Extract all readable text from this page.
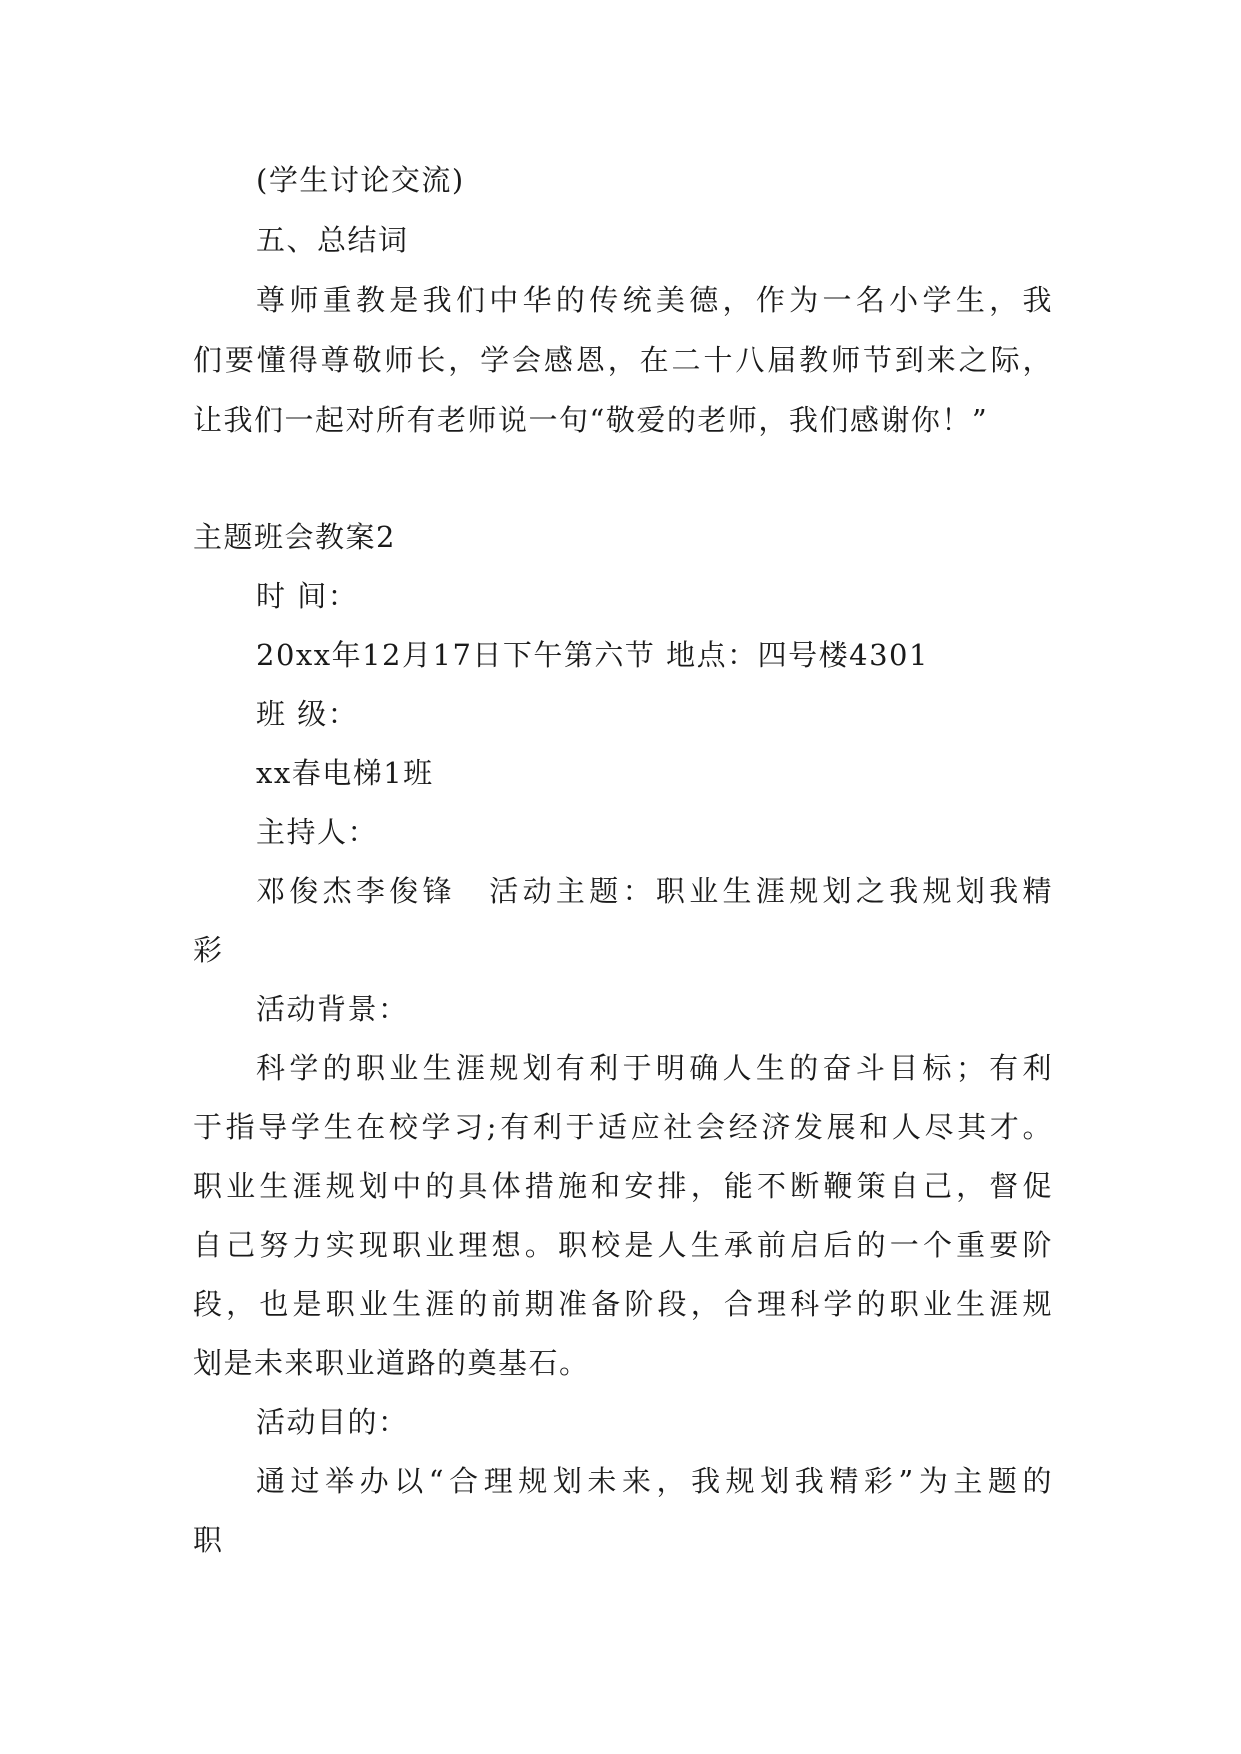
(学生讨论交流)
五、总结词
尊师重教是我们中华的传统美德，作为一名小学生，我
们要懂得尊敬师长，学会感恩，在二十八届教师节到来之际，
让我们一起对所有老师说一句“敬爱的老师，我们感谢你！”
主题班会教案2
时 间：
20xx年12月17日下午第六节 地点：四号楼4301
班 级：
xx春电梯1班
主持人：
邓俊杰李俊锋　活动主题：职业生涯规划之我规划我精
彩
活动背景：
科学的职业生涯规划有利于明确人生的奋斗目标；有利
于指导学生在校学习;有利于适应社会经济发展和人尽其才。
职业生涯规划中的具体措施和安排，能不断鞭策自己，督促
自己努力实现职业理想。职校是人生承前启后的一个重要阶
段，也是职业生涯的前期准备阶段，合理科学的职业生涯规
划是未来职业道路的奠基石。
活动目的：
通过举办以“合理规划未来，我规划我精彩”为主题的
职
